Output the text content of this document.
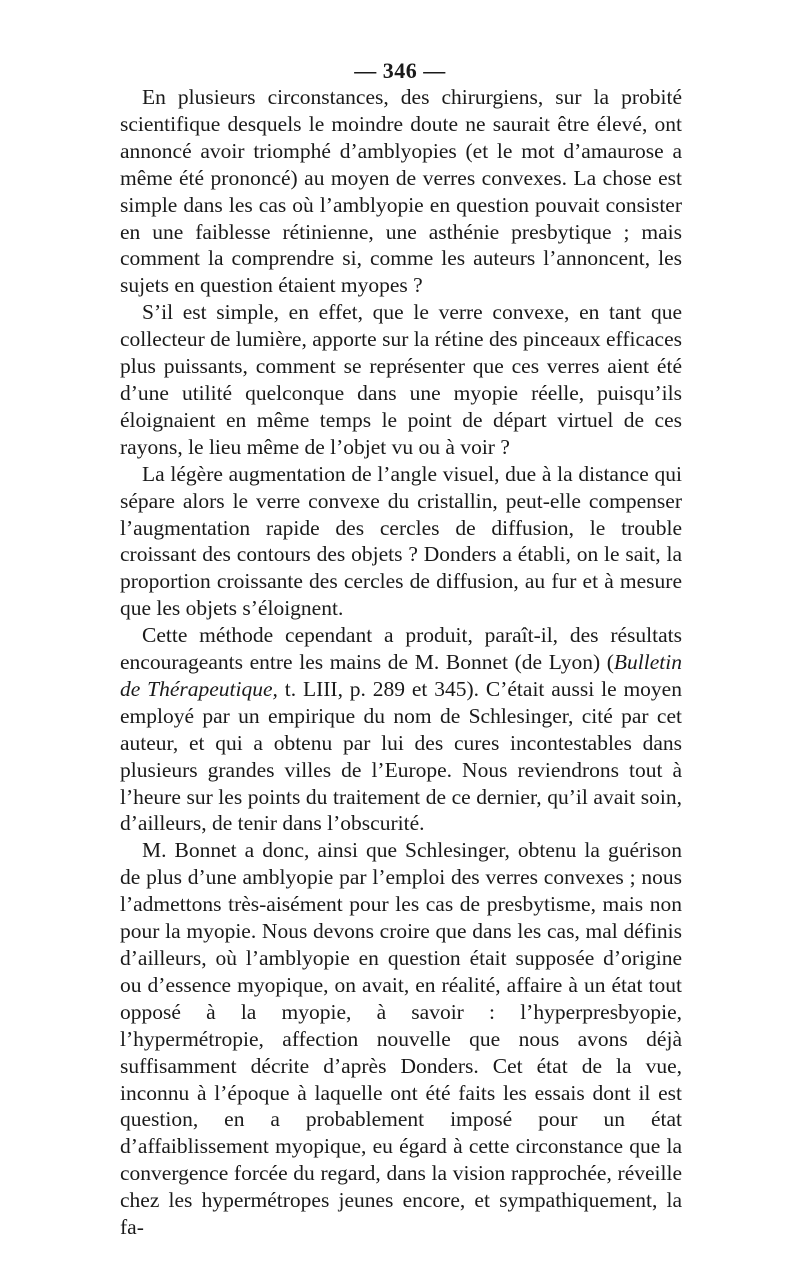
— 346 —

En plusieurs circonstances, des chirurgiens, sur la probité scientifique desquels le moindre doute ne saurait être élevé, ont annoncé avoir triomphé d’amblyopies (et le mot d’amaurose a même été prononcé) au moyen de verres convexes. La chose est simple dans les cas où l’amblyopie en question pouvait consister en une faiblesse rétinienne, une asthénie presbytique ; mais comment la comprendre si, comme les auteurs l’annoncent, les sujets en question étaient myopes ?

S’il est simple, en effet, que le verre convexe, en tant que collecteur de lumière, apporte sur la rétine des pinceaux efficaces plus puissants, comment se représenter que ces verres aient été d’une utilité quelconque dans une myopie réelle, puisqu’ils éloignaient en même temps le point de départ virtuel de ces rayons, le lieu même de l’objet vu ou à voir ?

La légère augmentation de l’angle visuel, due à la distance qui sépare alors le verre convexe du cristallin, peut-elle compenser l’augmentation rapide des cercles de diffusion, le trouble croissant des contours des objets ? Donders a établi, on le sait, la proportion croissante des cercles de diffusion, au fur et à mesure que les objets s’éloignent.

Cette méthode cependant a produit, paraît-il, des résultats encourageants entre les mains de M. Bonnet (de Lyon) (Bulletin de Thérapeutique, t. LIII, p. 289 et 345). C’était aussi le moyen employé par un empirique du nom de Schlesinger, cité par cet auteur, et qui a obtenu par lui des cures incontestables dans plusieurs grandes villes de l’Europe. Nous reviendrons tout à l’heure sur les points du traitement de ce dernier, qu’il avait soin, d’ailleurs, de tenir dans l’obscurité.

M. Bonnet a donc, ainsi que Schlesinger, obtenu la guérison de plus d’une amblyopie par l’emploi des verres convexes ; nous l’admettons très-aisément pour les cas de presbytisme, mais non pour la myopie. Nous devons croire que dans les cas, mal définis d’ailleurs, où l’amblyopie en question était supposée d’origine ou d’essence myopique, on avait, en réalité, affaire à un état tout opposé à la myopie, à savoir : l’hyperpresbyopie, l’hypermétropie, affection nouvelle que nous avons déjà suffisamment décrite d’après Donders. Cet état de la vue, inconnu à l’époque à laquelle ont été faits les essais dont il est question, en a probablement imposé pour un état d’affaiblissement myopique, eu égard à cette circonstance que la convergence forcée du regard, dans la vision rapprochée, réveille chez les hypermétropes jeunes encore, et sympathiquement, la fa-
